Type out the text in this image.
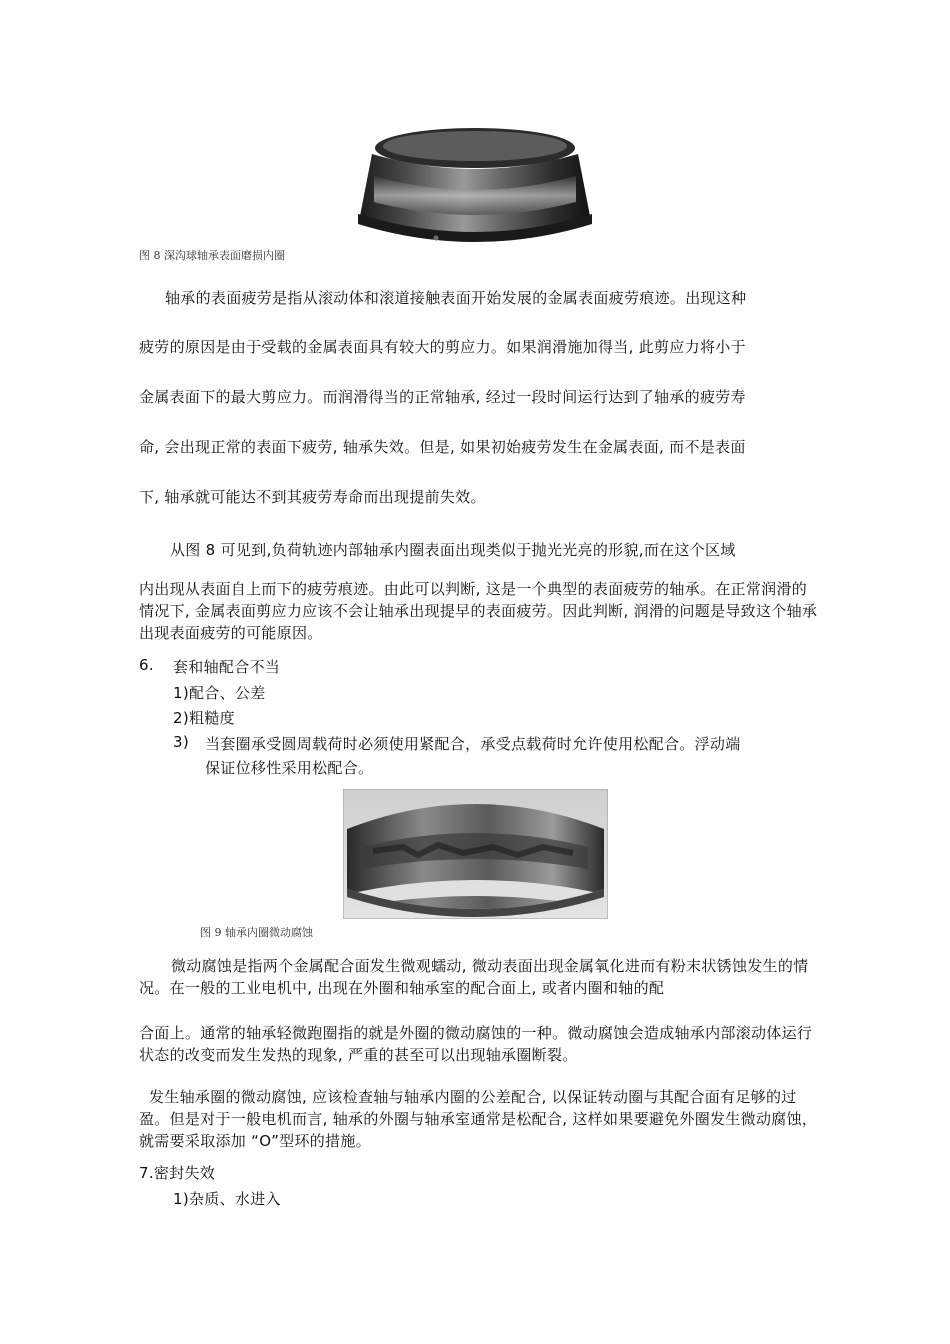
图 8 深沟球轴承表面磨损内圈
轴承的表面疲劳是指从滚动体和滚道接触表面开始发展的金属表面疲劳痕迹。出现这种
疲劳的原因是由于受载的金属表面具有较大的剪应力。如果润滑施加得当, 此剪应力将小于
金属表面下的最大剪应力。而润滑得当的正常轴承, 经过一段时间运行达到了轴承的疲劳寿
命, 会出现正常的表面下疲劳, 轴承失效。但是, 如果初始疲劳发生在金属表面, 而不是表面
下, 轴承就可能达不到其疲劳寿命而出现提前失效。
从图 8 可见到,负荷轨迹内部轴承内圈表面出现类似于抛光光亮的形貌,而在这个区域
内出现从表面自上而下的疲劳痕迹。由此可以判断, 这是一个典型的表面疲劳的轴承。在正常润滑的情况下, 金属表面剪应力应该不会让轴承出现提早的表面疲劳。因此判断, 润滑的问题是导致这个轴承出现表面疲劳的可能原因。
6. 套和轴配合不当
1)配合、公差
2)粗糙度
3) 当套圈承受圆周载荷时必须使用紧配合，承受点载荷时允许使用松配合。浮动端
保证位移性采用松配合。
图 9 轴承内圈微动腐蚀
微动腐蚀是指两个金属配合面发生微观蠕动, 微动表面出现金属氧化进而有粉末状锈蚀发生的情况。在一般的工业电机中, 出现在外圈和轴承室的配合面上, 或者内圈和轴的配
合面上。通常的轴承轻微跑圈指的就是外圈的微动腐蚀的一种。微动腐蚀会造成轴承内部滚动体运行状态的改变而发生发热的现象, 严重的甚至可以出现轴承圈断裂。
发生轴承圈的微动腐蚀, 应该检查轴与轴承内圈的公差配合, 以保证转动圈与其配合面有足够的过盈。但是对于一般电机而言, 轴承的外圈与轴承室通常是松配合, 这样如果要避免外圈发生微动腐蚀，就需要采取添加 “O”型环的措施。
7.密封失效
1)杂质、水进入
